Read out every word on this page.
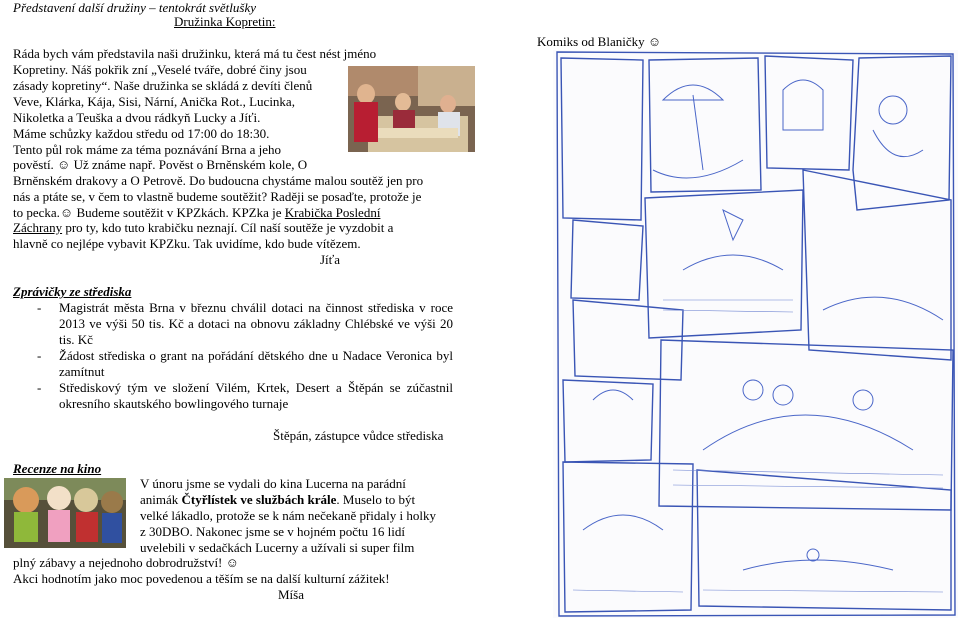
Představení další družiny – tentokrát světlušky
Družinka Kopretin:
Ráda bych vám představila naši družinku, která má tu čest nést jméno
Kopretiny. Náš pokřik zní „Veselé tváře, dobré činy jsou
zásady kopretiny“. Naše družinka se skládá z devíti členů
Veve, Klárka, Kája, Sisi, Nární, Anička Rot., Lucinka,
Nikoletka a Teuška a dvou rádkyň Lucky a Jíťi.
Máme schůzky každou středu od 17:00 do 18:30.
Tento půl rok máme za téma poznávání Brna a jeho
pověstí. ☺ Už známe např. Pověst o Brněnském kole, O
Brněnském drakovy a O Petrově. Do budoucna chystáme malou soutěž jen pro
nás a ptáte se, v čem to vlastně budeme soutěžit? Raději se posaďte, protože je
to pecka.☺ Budeme soutěžit v KPZkách. KPZka je Krabička Poslední
Záchrany pro ty, kdo tuto krabičku neznají. Cíl naší soutěže je vyzdobit a
hlavně co nejlépe vybavit KPZku. Tak uvidíme, kdo bude vítězem.
Jíťa
Zprávičky ze střediska
- Magistrát města Brna v březnu chválil dotaci na činnost střediska v roce 2013 ve výši 50 tis. Kč a dotaci na obnovu základny Chlébské ve výši 20 tis. Kč
- Žádost střediska o grant na pořádání dětského dne u Nadace Veronica byl zamítnut
- Střediskový tým ve složení Vilém, Krtek, Desert a Štěpán se zúčastnil okresního skautského bowlingového turnaje
Štěpán, zástupce vůdce střediska
Recenze na kino
V únoru jsme se vydali do kina Lucerna na parádní
animák Čtyřlístek ve službách krále. Muselo to být
velké lákadlo, protože se k nám nečekaně přidaly i holky
z 30DBO. Nakonec jsme se v hojném počtu 16 lidí
uvelebili v sedačkách Lucerny a užívali si super film
plný zábavy a nejednoho dobrodružství! ☺
Akci hodnotím jako moc povedenou a těším se na další kulturní zážitek!
Míša
Komiks od Blaničky ☺
